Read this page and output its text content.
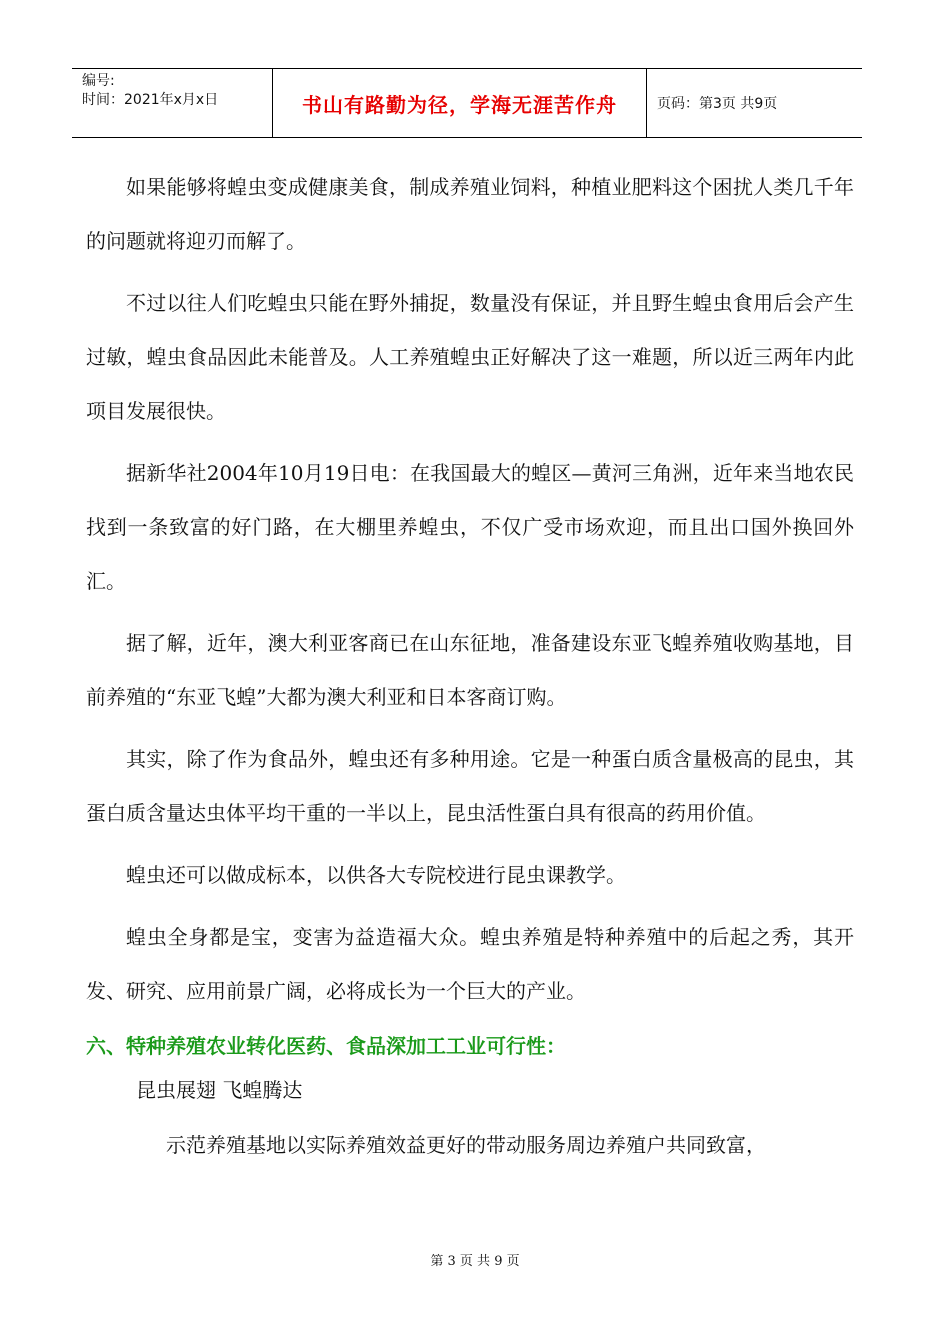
编号:
时间：2021年x月x日	书山有路勤为径，学海无涯苦作舟	页码：第3页 共9页

如果能够将蝗虫变成健康美食，制成养殖业饲料，种植业肥料这个困扰人类几千年的问题就将迎刃而解了。

不过以往人们吃蝗虫只能在野外捕捉，数量没有保证，并且野生蝗虫食用后会产生过敏，蝗虫食品因此未能普及。人工养殖蝗虫正好解决了这一难题，所以近三两年内此项目发展很快。

据新华社2004年10月19日电：在我国最大的蝗区—黄河三角洲，近年来当地农民找到一条致富的好门路，在大棚里养蝗虫，不仅广受市场欢迎，而且出口国外换回外汇。

据了解，近年，澳大利亚客商已在山东征地，准备建设东亚飞蝗养殖收购基地，目前养殖的“东亚飞蝗”大都为澳大利亚和日本客商订购。

其实，除了作为食品外，蝗虫还有多种用途。它是一种蛋白质含量极高的昆虫，其蛋白质含量达虫体平均干重的一半以上，昆虫活性蛋白具有很高的药用价值。

蝗虫还可以做成标本，以供各大专院校进行昆虫课教学。

蝗虫全身都是宝，变害为益造福大众。蝗虫养殖是特种养殖中的后起之秀，其开发、研究、应用前景广阔，必将成长为一个巨大的产业。

六、特种养殖农业转化医药、食品深加工工业可行性：

昆虫展翅 飞蝗腾达

示范养殖基地以实际养殖效益更好的带动服务周边养殖户共同致富，

第 3 页 共 9 页
